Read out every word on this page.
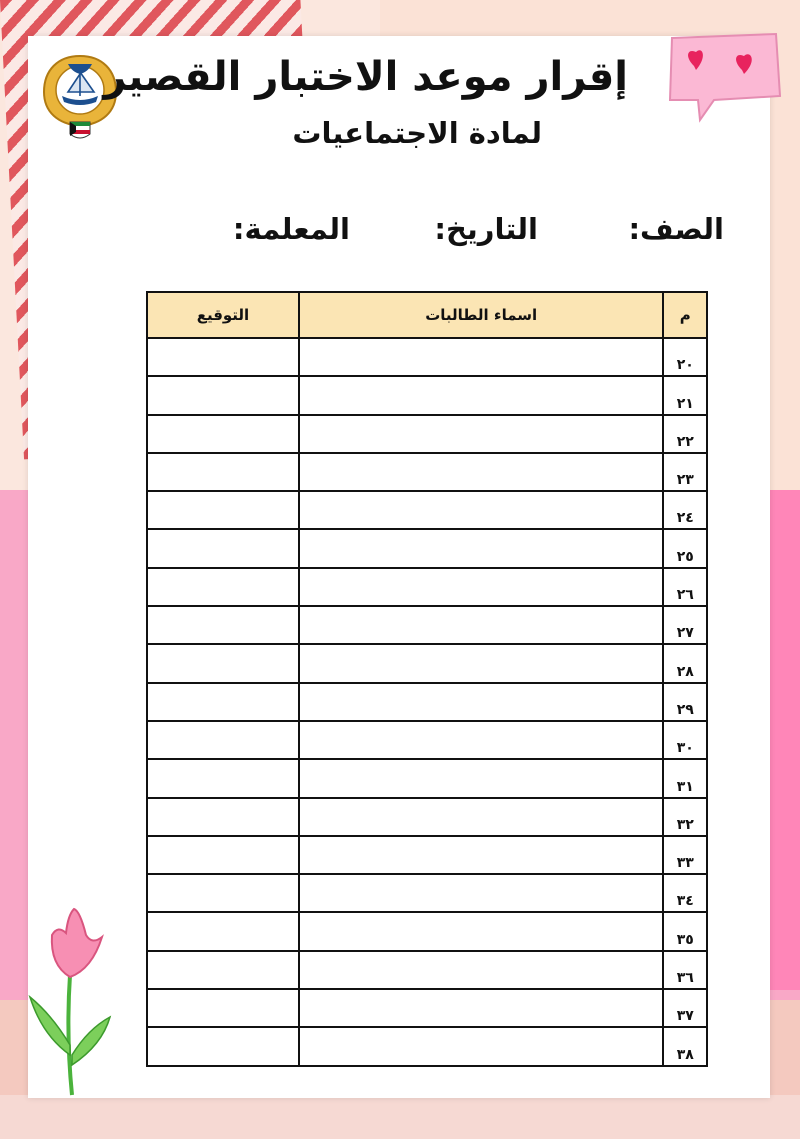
إقرار موعد الاختبار القصير
لمادة الاجتماعيات
الصف:
التاريخ:
المعلمة:
م	اسماء الطالبات	التوقيع
٢٠		
٢١		
٢٢		
٢٣		
٢٤		
٢٥		
٢٦		
٢٧		
٢٨		
٢٩		
٣٠		
٣١		
٣٢		
٣٣		
٣٤		
٣٥		
٣٦		
٣٧		
٣٨		
